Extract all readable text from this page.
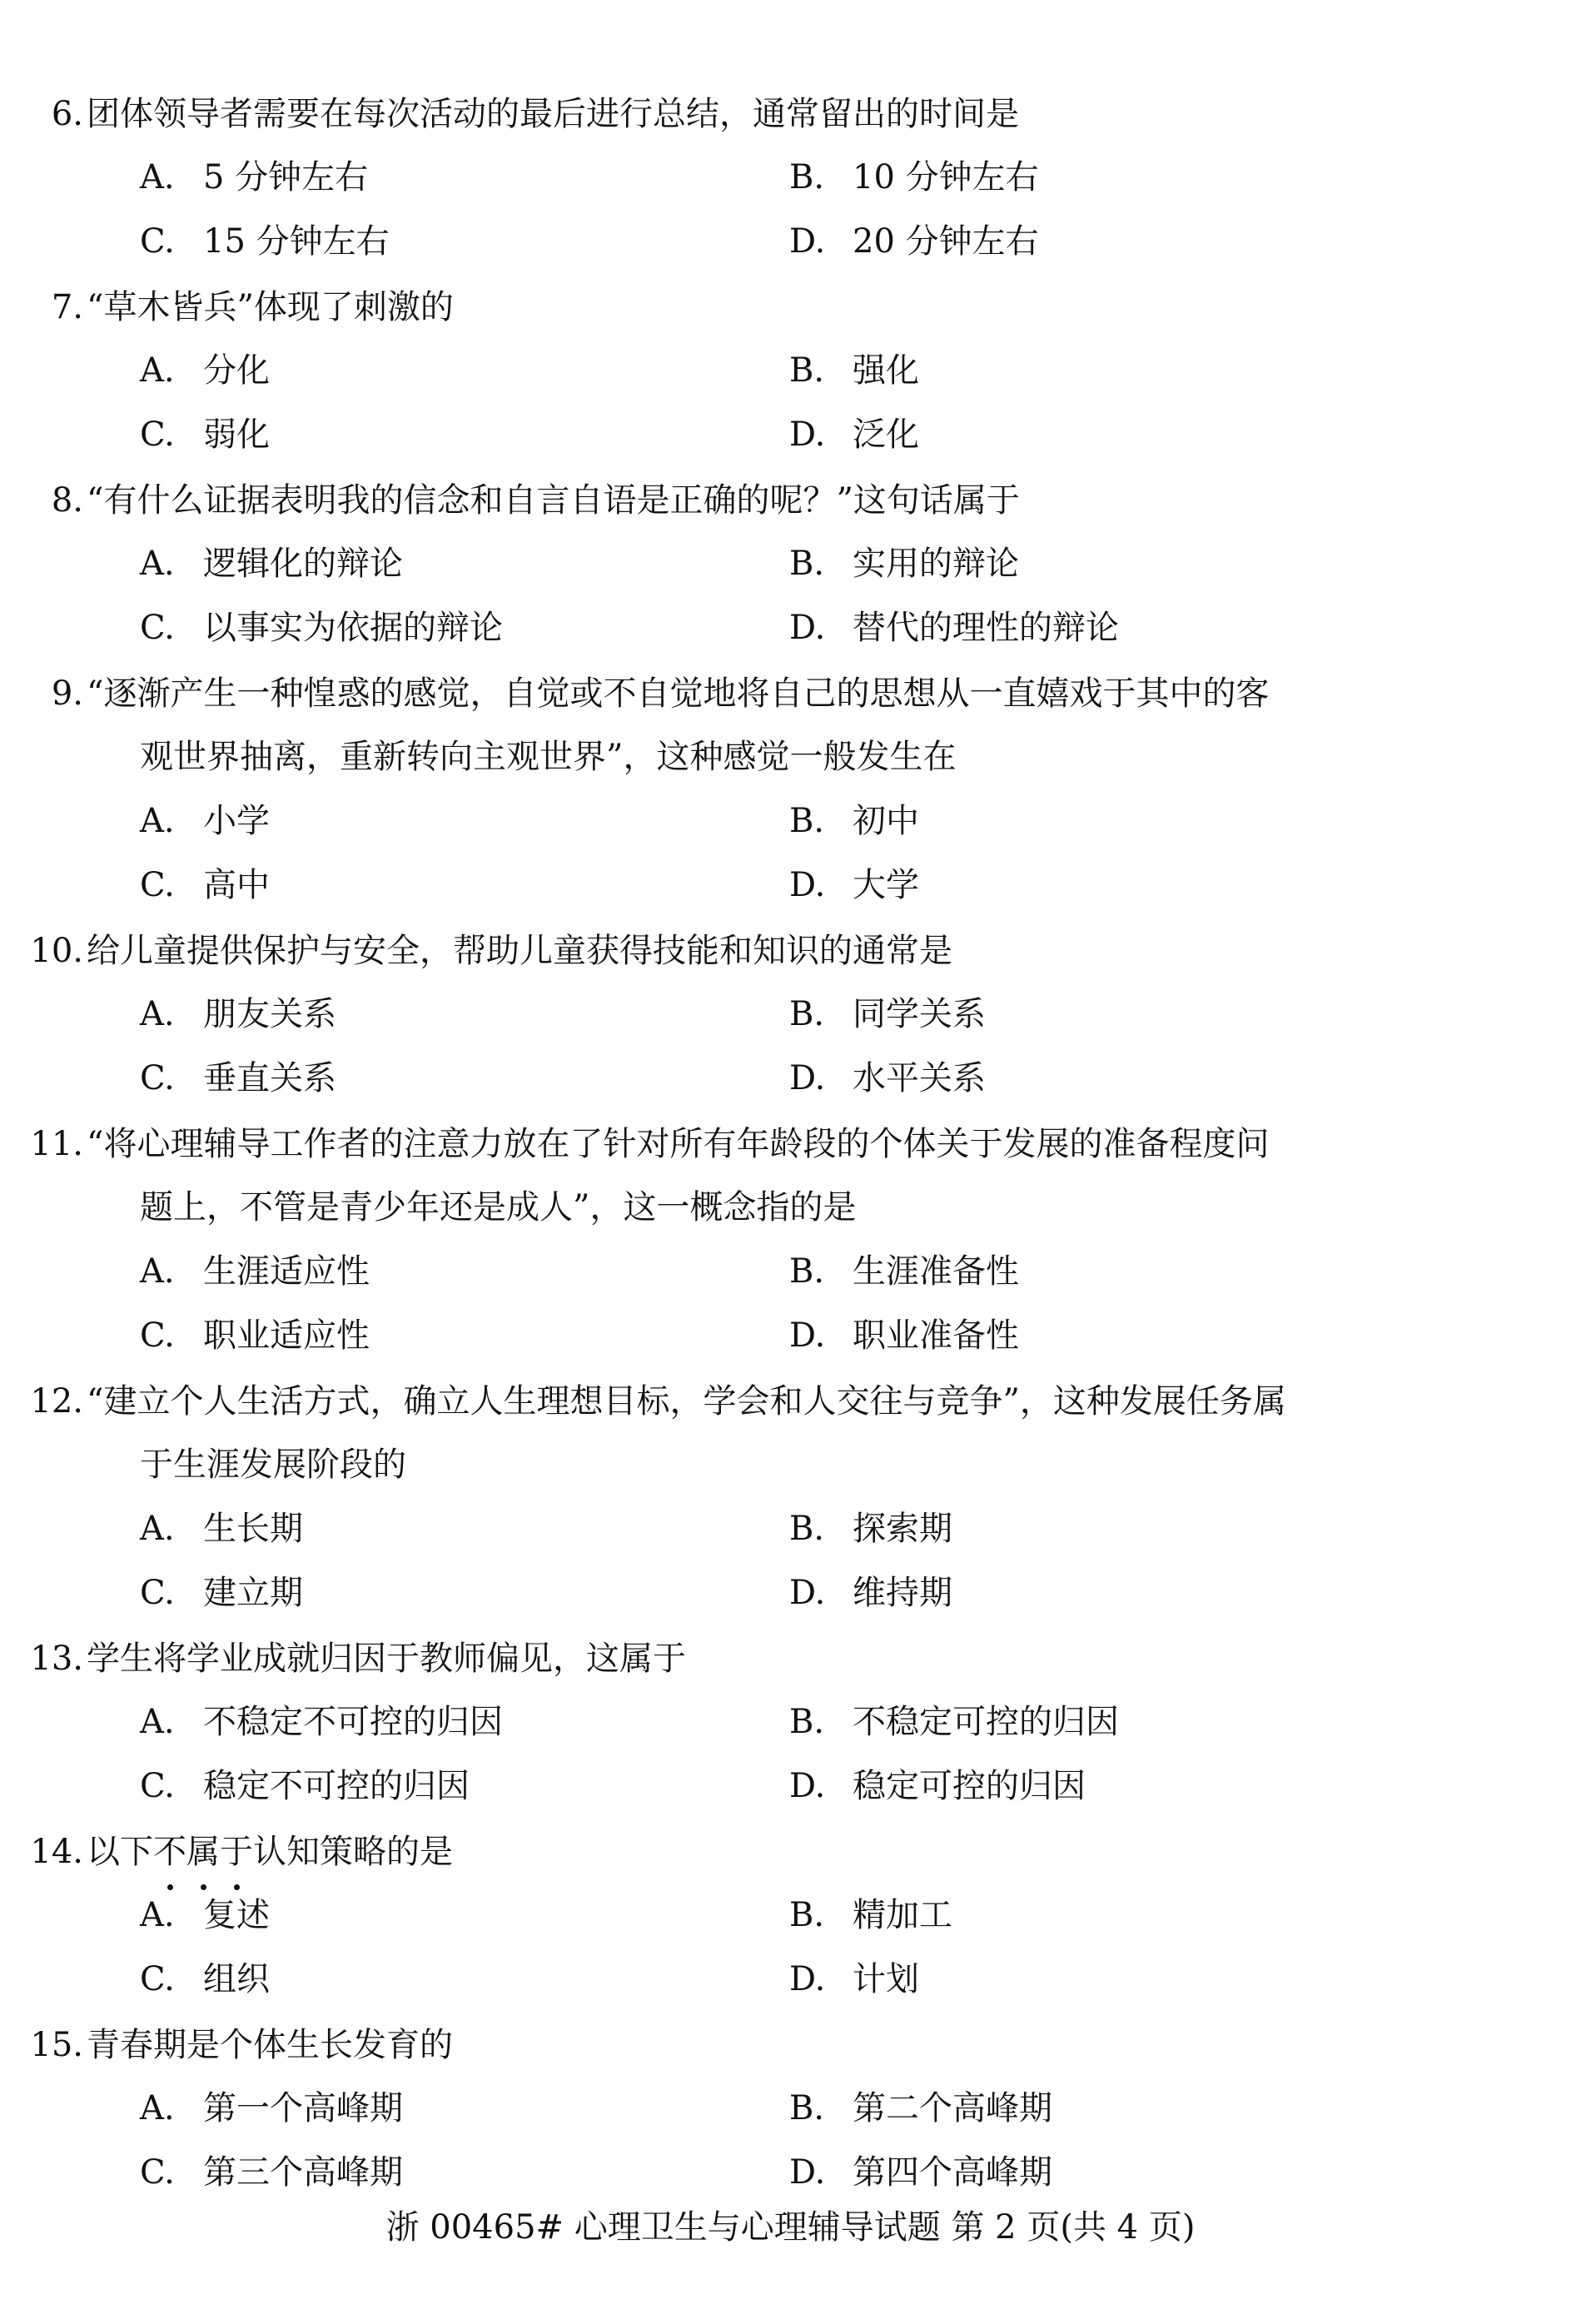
6. 团体领导者需要在每次活动的最后进行总结，通常留出的时间是
A. 5 分钟左右	B. 10 分钟左右
C. 15 分钟左右	D. 20 分钟左右
7. “草木皆兵”体现了刺激的
A. 分化	B. 强化
C. 弱化	D. 泛化
8. “有什么证据表明我的信念和自言自语是正确的呢？”这句话属于
A. 逻辑化的辩论	B. 实用的辩论
C. 以事实为依据的辩论	D. 替代的理性的辩论
9. “逐渐产生一种惶惑的感觉，自觉或不自觉地将自己的思想从一直嬉戏于其中的客
观世界抽离，重新转向主观世界”，这种感觉一般发生在
A. 小学	B. 初中
C. 高中	D. 大学
10. 给儿童提供保护与安全，帮助儿童获得技能和知识的通常是
A. 朋友关系	B. 同学关系
C. 垂直关系	D. 水平关系
11. “将心理辅导工作者的注意力放在了针对所有年龄段的个体关于发展的准备程度问
题上，不管是青少年还是成人”，这一概念指的是
A. 生涯适应性	B. 生涯准备性
C. 职业适应性	D. 职业准备性
12. “建立个人生活方式，确立人生理想目标，学会和人交往与竞争”，这种发展任务属
于生涯发展阶段的
A. 生长期	B. 探索期
C. 建立期	D. 维持期
13. 学生将学业成就归因于教师偏见，这属于
A. 不稳定不可控的归因	B. 不稳定可控的归因
C. 稳定不可控的归因	D. 稳定可控的归因
14. 以下不属于
认知策略的是
A. 复述	B. 精加工
C. 组织	D. 计划
15. 青春期是个体生长发育的
A. 第一个高峰期	B. 第二个高峰期
C. 第三个高峰期	D. 第四个高峰期
浙 00465# 心理卫生与心理辅导试题 第 2 页(共 4 页)
